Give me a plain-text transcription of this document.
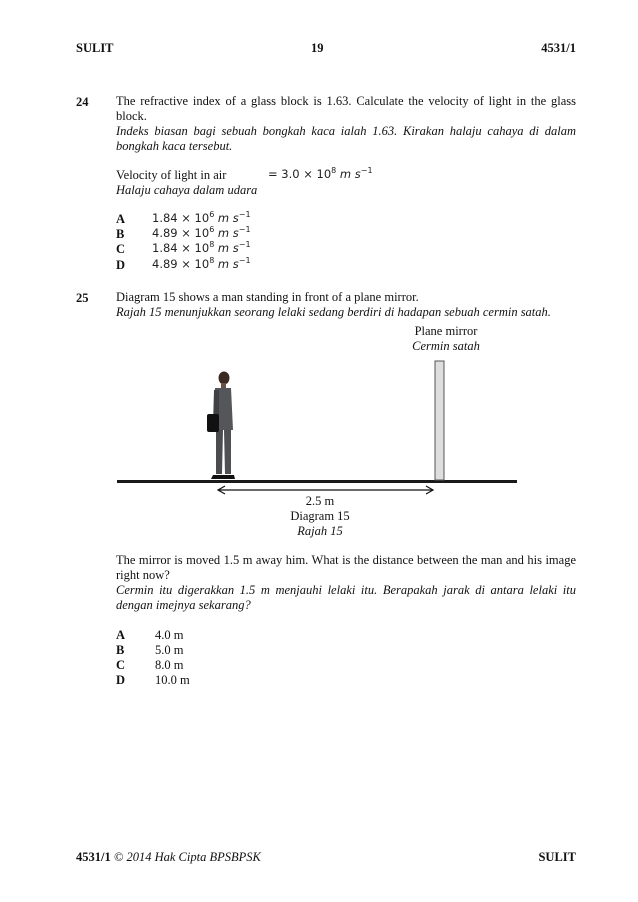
SULIT	19	4531/1
24 The refractive index of a glass block is 1.63. Calculate the velocity of light in the glass block.
Indeks biasan bagi sebuah bongkah kaca ialah 1.63. Kirakan halaju cahaya di dalam bongkah kaca tersebut.
Velocity of light in air
Halaju cahaya dalam udara
= $3.0 \times 10^8$ m $s^{-1}$
A $1.84 \times 10^6$ m $s^{-1}$
B $4.89 \times 10^6$ m $s^{-1}$
C $1.84 \times 10^8$ m $s^{-1}$
D $4.89 \times 10^8$ m $s^{-1}$
25 Diagram 15 shows a man standing in front of a plane mirror.
Rajah 15 menunjukkan seorang lelaki sedang berdiri di hadapan sebuah cermin satah.
Plane mirror
Cermin satah
2.5 m
Diagram 15
Rajah 15
The mirror is moved 1.5 m away him. What is the distance between the man and his image right now?
Cermin itu digerakkan 1.5 m menjauhi lelaki itu. Berapakah jarak di antara lelaki itu dengan imejnya sekarang?
A 4.0 m
B 5.0 m
C 8.0 m
D 10.0 m
4531/1 © 2014 Hak Cipta BPSBPSK	SULIT
